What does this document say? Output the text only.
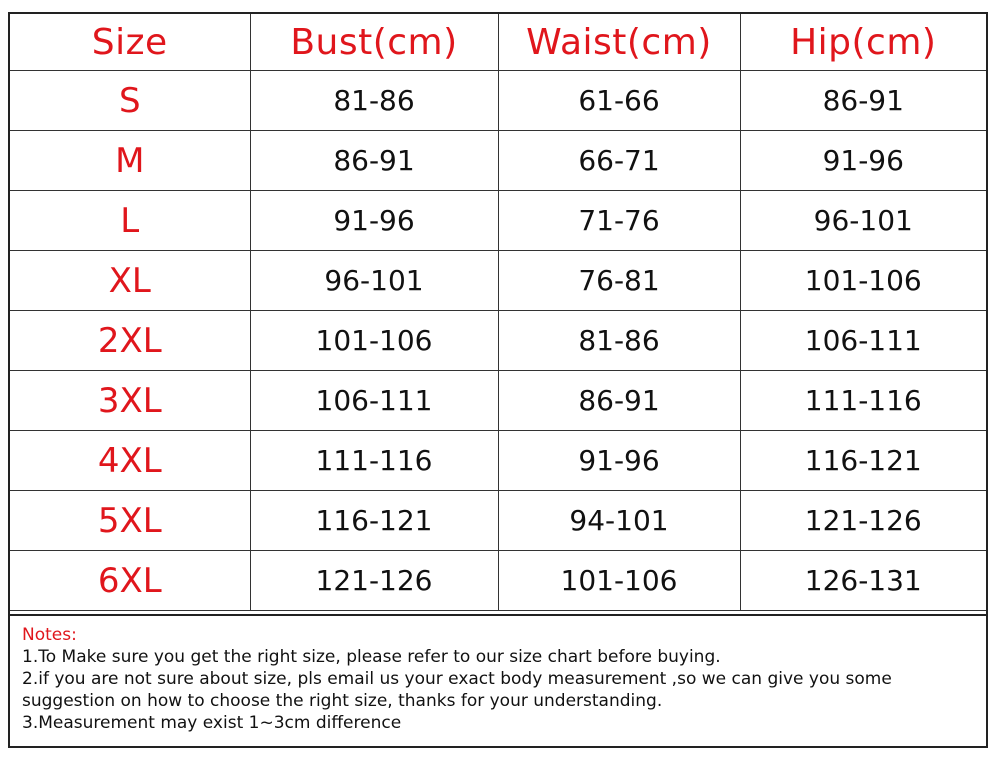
Size	Bust(cm)	Waist(cm)	Hip(cm)
S	81-86	61-66	86-91
M	86-91	66-71	91-96
L	91-96	71-76	96-101
XL	96-101	76-81	101-106
2XL	101-106	81-86	106-111
3XL	106-111	86-91	111-116
4XL	111-116	91-96	116-121
5XL	116-121	94-101	121-126
6XL	121-126	101-106	126-131
Notes:
1.To Make sure you get the right size, please refer to our size chart before buying.
2.if you are not sure about size, pls email us your exact body measurement ,so we can give you some
suggestion on how to choose the right size, thanks for your understanding.
3.Measurement may exist 1~3cm difference
